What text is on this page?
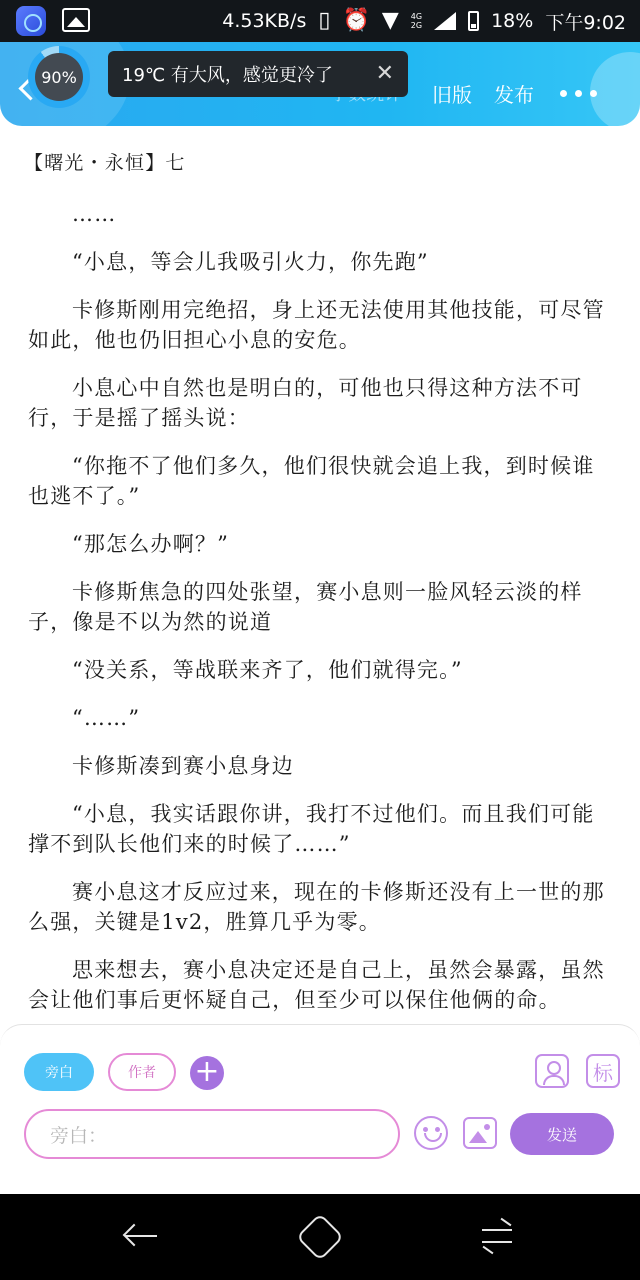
4.53KB/s ▯ ⏰ ▼ 4G
2G	18% 下午9:02
90%
旧版 发布
19℃ 有大风，感觉更冷了 ✕
【曙光・永恒】七

……

“小息，等会儿我吸引火力，你先跑”

卡修斯刚用完绝招，身上还无法使用其他技能，可尽管如此，他也仍旧担心小息的安危。

小息心中自然也是明白的，可他也只得这种方法不可行，于是摇了摇头说：

“你拖不了他们多久，他们很快就会追上我，到时候谁也逃不了。”

“那怎么办啊？”

卡修斯焦急的四处张望，赛小息则一脸风轻云淡的样子，像是不以为然的说道

“没关系，等战联来齐了，他们就得完。”

“……”

卡修斯凑到赛小息身边

“小息，我实话跟你讲，我打不过他们。而且我们可能撑不到队长他们来的时候了……”

赛小息这才反应过来，现在的卡修斯还没有上一世的那么强，关键是1v2，胜算几乎为零。

思来想去，赛小息决定还是自己上，虽然会暴露，虽然会让他们事后更怀疑自己，但至少可以保住他俩的命。

旁白	作者	+	标
旁白：	发送
